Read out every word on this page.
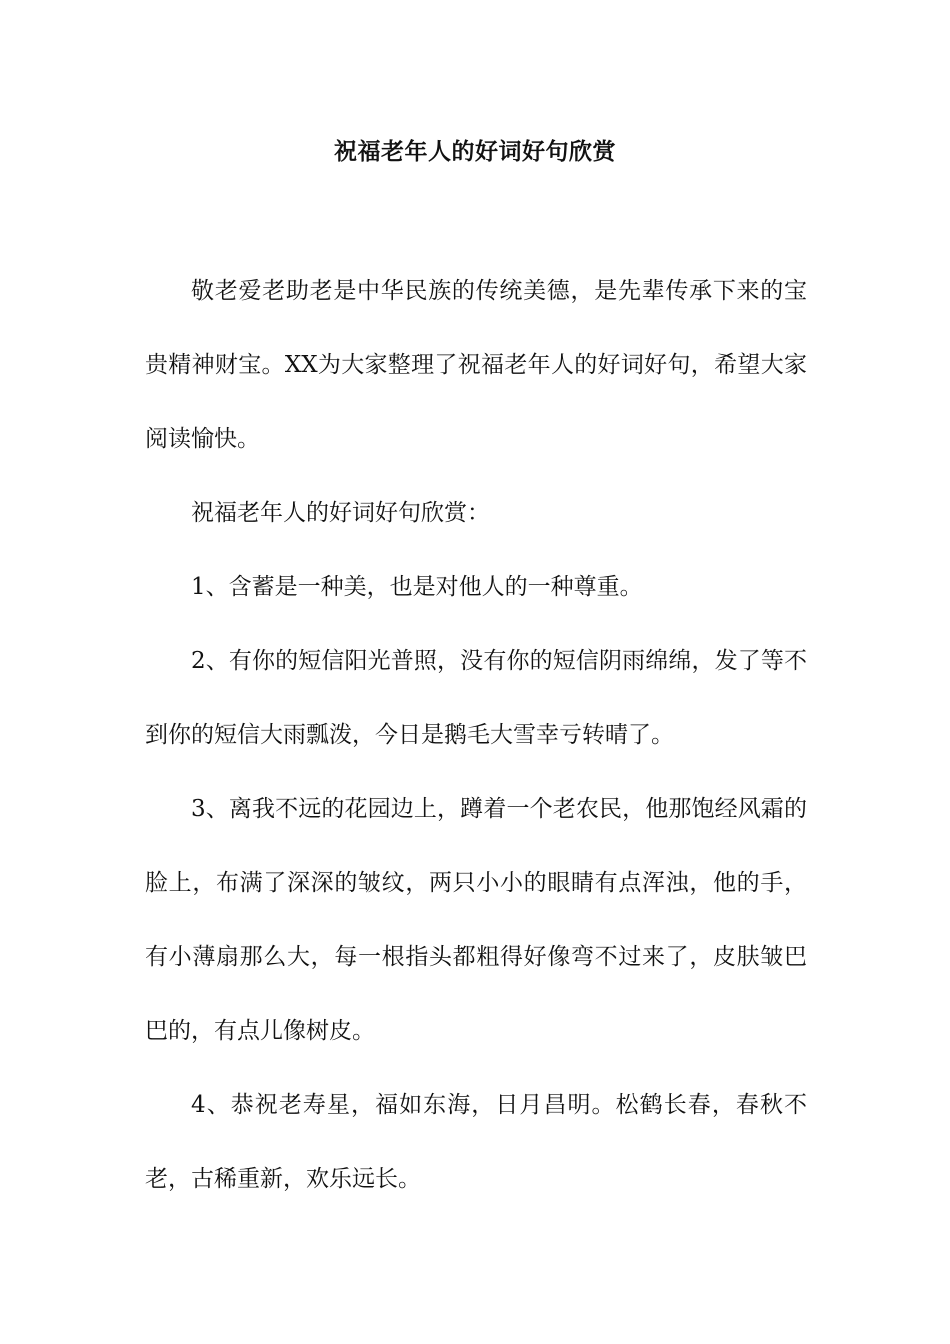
祝福老年人的好词好句欣赏

敬老爱老助老是中华民族的传统美德，是先辈传承下来的宝贵精神财宝。XX为大家整理了祝福老年人的好词好句，希望大家阅读愉快。

祝福老年人的好词好句欣赏：

1、含蓄是一种美，也是对他人的一种尊重。

2、有你的短信阳光普照，没有你的短信阴雨绵绵，发了等不到你的短信大雨瓢泼，今日是鹅毛大雪幸亏转晴了。

3、离我不远的花园边上，蹲着一个老农民，他那饱经风霜的脸上，布满了深深的皱纹，两只小小的眼睛有点浑浊，他的手，有小薄扇那么大，每一根指头都粗得好像弯不过来了，皮肤皱巴巴的，有点儿像树皮。

4、恭祝老寿星，福如东海，日月昌明。松鹤长春，春秋不老，古稀重新，欢乐远长。
